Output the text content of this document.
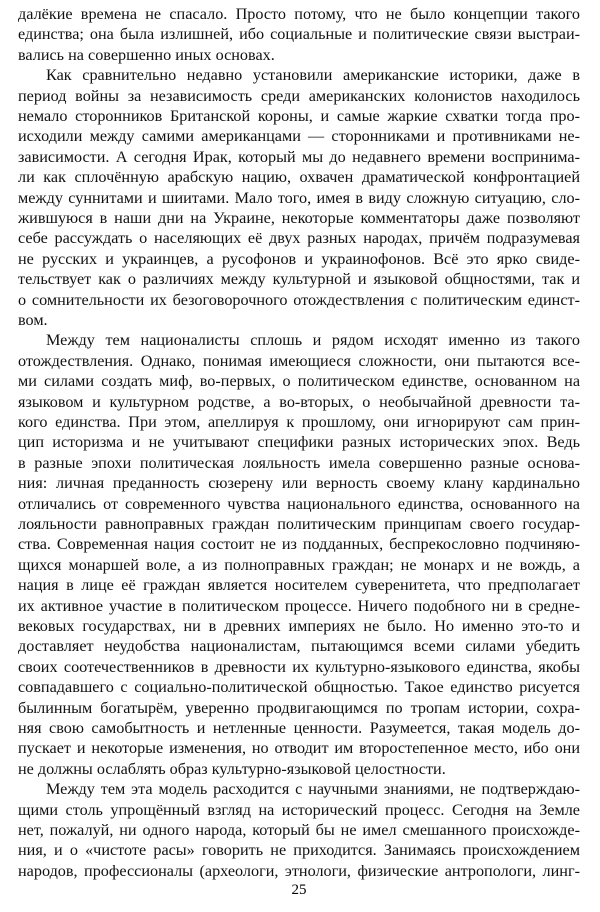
далёкие времена не спасало. Просто потому, что не было концепции такого
единства; она была излишней, ибо социальные и политические связи выстраи-
вались на совершенно иных основах.
Как сравнительно недавно установили американские историки, даже в
период войны за независимость среди американских колонистов находилось
немало сторонников Британской короны, и самые жаркие схватки тогда про-
исходили между самими американцами — сторонниками и противниками не-
зависимости. А сегодня Ирак, который мы до недавнего времени воспринима-
ли как сплочённую арабскую нацию, охвачен драматической конфронтацией
между суннитами и шиитами. Мало того, имея в виду сложную ситуацию, сло-
жившуюся в наши дни на Украине, некоторые комментаторы даже позволяют
себе рассуждать о населяющих её двух разных народах, причём подразумевая
не русских и украинцев, а русофонов и украинофонов. Всё это ярко свиде-
тельствует как о различиях между культурной и языковой общностями, так и
о сомнительности их безоговорочного отождествления с политическим единст-
вом.
Между тем националисты сплошь и рядом исходят именно из такого
отождествления. Однако, понимая имеющиеся сложности, они пытаются все-
ми силами создать миф, во-первых, о политическом единстве, основанном на
языковом и культурном родстве, а во-вторых, о необычайной древности та-
кого единства. При этом, апеллируя к прошлому, они игнорируют сам прин-
цип историзма и не учитывают специфики разных исторических эпох. Ведь
в разные эпохи политическая лояльность имела совершенно разные основа-
ния: личная преданность сюзерену или верность своему клану кардинально
отличались от современного чувства национального единства, основанного на
лояльности равноправных граждан политическим принципам своего государ-
ства. Современная нация состоит не из подданных, беспрекословно подчиняю-
щихся монаршей воле, а из полноправных граждан; не монарх и не вождь, а
нация в лице её граждан является носителем суверенитета, что предполагает
их активное участие в политическом процессе. Ничего подобного ни в средне-
вековых государствах, ни в древних империях не было. Но именно это-то и
доставляет неудобства националистам, пытающимся всеми силами убедить
своих соотечественников в древности их культурно-языкового единства, якобы
совпадавшего с социально-политической общностью. Такое единство рисуется
былинным богатырём, уверенно продвигающимся по тропам истории, сохра-
няя свою самобытность и нетленные ценности. Разумеется, такая модель до-
пускает и некоторые изменения, но отводит им второстепенное место, ибо они
не должны ослаблять образ культурно-языковой целостности.
Между тем эта модель расходится с научными знаниями, не подтверждаю-
щими столь упрощённый взгляд на исторический процесс. Сегодня на Земле
нет, пожалуй, ни одного народа, который бы не имел смешанного происхожде-
ния, и о «чистоте расы» говорить не приходится. Занимаясь происхождением
народов, профессионалы (археологи, этнологи, физические антропологи, линг-
25
